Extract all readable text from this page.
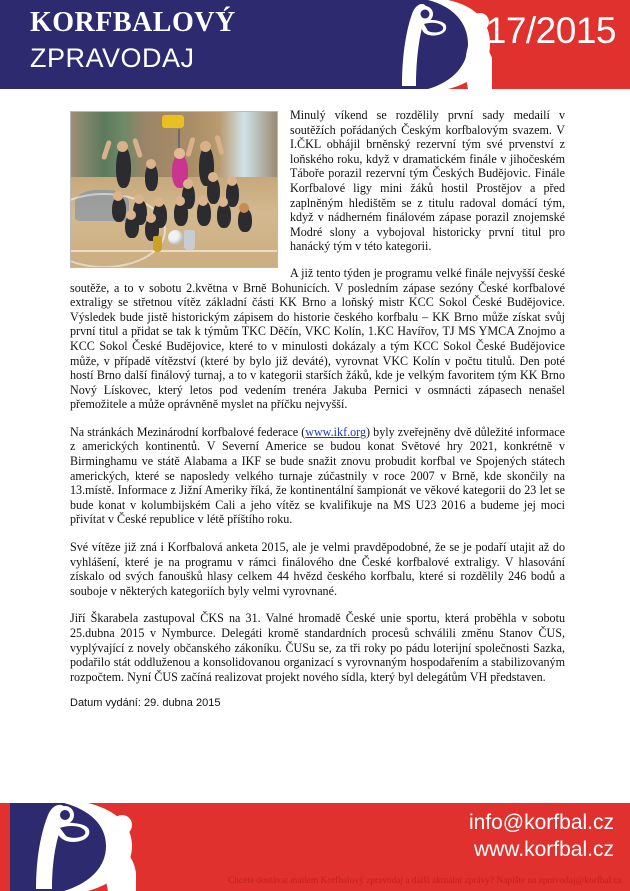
KORFBALOVÝ
ZPRAVODAJ
17/2015

Minulý víkend se rozdělily první sady medailí v soutěžích pořádaných Českým korfbalovým svazem. V I.ČKL obhájil brněnský rezervní tým své prvenství z loňského roku, když v dramatickém finále v jihočeském Táboře porazil rezervní tým Českých Budějovic. Finále Korfbalové ligy mini žáků hostil Prostějov a před zaplněným hledištěm se z titulu radoval domácí tým, když v nádherném finálovém zápase porazil znojemské Modré slony a vybojoval historicky první titul pro hanácký tým v této kategorii.

A již tento týden je programu velké finále nejvyšší české soutěže, a to v sobotu 2.května v Brně Bohunicích. V posledním zápase sezóny České korfbalové extraligy se střetnou vítěz základní části KK Brno a loňský mistr KCC Sokol České Budějovice. Výsledek bude jistě historickým zápisem do historie českého korfbalu – KK Brno může získat svůj první titul a přidat se tak k týmům TKC Děčín, VKC Kolín, 1.KC Havířov, TJ MS YMCA Znojmo a KCC Sokol České Budějovice, které to v minulosti dokázaly a tým KCC Sokol České Budějovice může, v případě vítězství (které by bylo již deváté), vyrovnat VKC Kolín v počtu titulů. Den poté hostí Brno další finálový turnaj, a to v kategorii starších žáků, kde je velkým favoritem tým KK Brno Nový Lískovec, který letos pod vedením trenéra Jakuba Pernici v osmnácti zápasech nenašel přemožitele a může oprávněně myslet na příčku nejvyšší.

Na stránkách Mezinárodní korfbalové federace (www.ikf.org) byly zveřejněny dvě důležité informace z amerických kontinentů. V Severní Americe se budou konat Světové hry 2021, konkrétně v Birminghamu ve státě Alabama a IKF se bude snažit znovu probudit korfbal ve Spojených státech amerických, které se naposledy velkého turnaje zúčastnily v roce 2007 v Brně, kde skončily na 13.místě. Informace z Jižní Ameriky říká, že kontinentální šampionát ve věkové kategorii do 23 let se bude konat v kolumbijském Cali a jeho vítěz se kvalifikuje na MS U23 2016 a budeme jej moci přivítat v České republice v létě příštího roku.

Své vítěze již zná i Korfbalová anketa 2015, ale je velmi pravděpodobné, že se je podaří utajit až do vyhlášení, které je na programu v rámci finálového dne České korfbalové extraligy. V hlasování získalo od svých fanoušků hlasy celkem 44 hvězd českého korfbalu, které si rozdělily 246 bodů a souboje v některých kategoriích byly velmi vyrovnané.

Jiří Škarabela zastupoval ČKS na 31. Valné hromadě České unie sportu, která proběhla v sobotu 25.dubna 2015 v Nymburce. Delegáti kromě standardních procesů schválili změnu Stanov ČUS, vyplývající z novely občanského zákoníku. ČUSu se, za tři roky po pádu loterijní společnosti Sazka, podařilo stát oddluženou a konsolidovanou organizací s vyrovnaným hospodařením a stabilizovaným rozpočtem. Nyní ČUS začíná realizovat projekt nového sídla, který byl delegátům VH představen.

Datum vydání: 29. dubna 2015

info@korfbal.cz
www.korfbal.cz
Chcete dostávat mailem Korfbalový zpravodaj a další aktuální zprávy? Napište na zpravodaj@korfbal.cz
